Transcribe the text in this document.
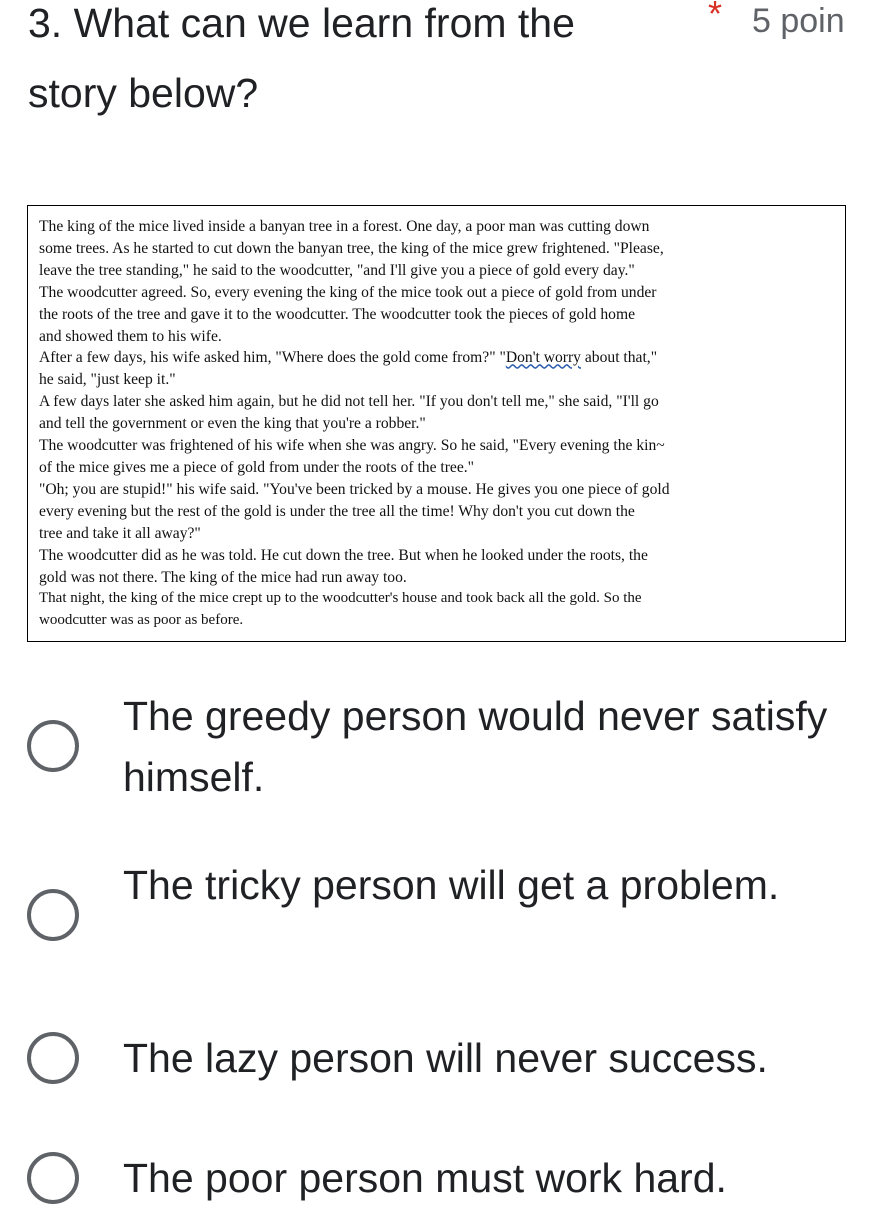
3. What can we learn from the story below?
* 5 poin
The king of the mice lived inside a banyan tree in a forest. One day, a poor man was cutting down
some trees. As he started to cut down the banyan tree, the king of the mice grew frightened. "Please,
leave the tree standing," he said to the woodcutter, "and I'll give you a piece of gold every day."
The woodcutter agreed. So, every evening the king of the mice took out a piece of gold from under
the roots of the tree and gave it to the woodcutter. The woodcutter took the pieces of gold home
and showed them to his wife.
After a few days, his wife asked him, "Where does the gold come from?" "Don't worry about that,"
he said, "just keep it."
A few days later she asked him again, but he did not tell her. "If you don't tell me," she said, "I'll go
and tell the government or even the king that you're a robber."
The woodcutter was frightened of his wife when she was angry. So he said, "Every evening the kin~
of the mice gives me a piece of gold from under the roots of the tree."
"Oh; you are stupid!" his wife said. "You've been tricked by a mouse. He gives you one piece of gold
every evening but the rest of the gold is under the tree all the time! Why don't you cut down the
tree and take it all away?"
The woodcutter did as he was told. He cut down the tree. But when he looked under the roots, the
gold was not there. The king of the mice had run away too.
That night, the king of the mice crept up to the woodcutter's house and took back all the gold. So the
woodcutter was as poor as before.
The greedy person would never satisfy himself.
The tricky person will get a problem.
The lazy person will never success.
The poor person must work hard.
